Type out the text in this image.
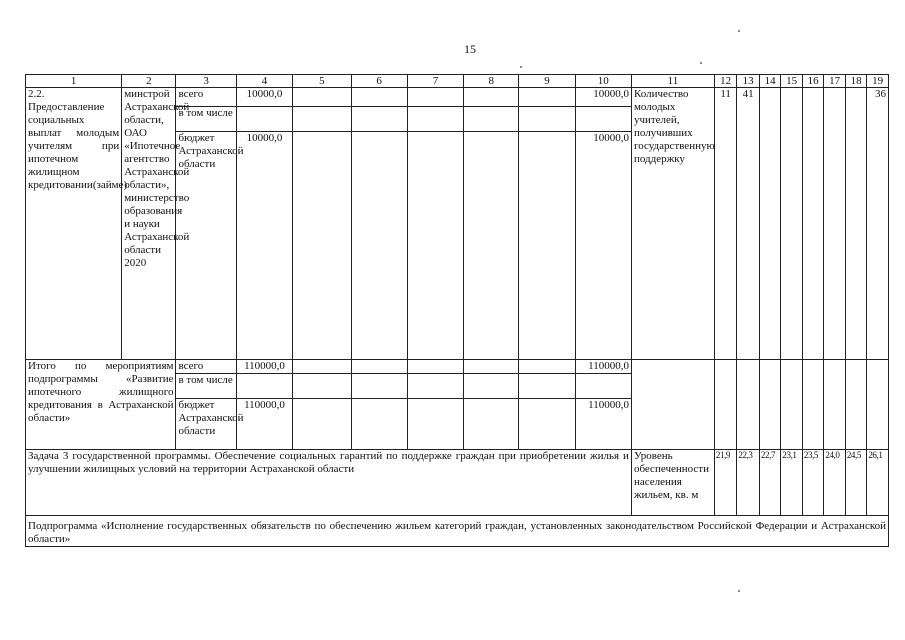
15
1	2	3	4	5	6	7	8	9	10	11	12	13	14	15	16	17	18	19
2.2. Предоставление социальных выплат молодым учителям при ипотечном жилищном кредитовании(займе)	минстрой Астраханской области, ОАО «Ипотечное агентство Астраханской области», министерство образования и науки Астраханской области 2020	всего	10000,0						10000,0	Количество молодых учителей, получивших государственную поддержку	11	41						36
		в том числе																
		бюджет Астраханской области	10000,0						10000,0									
Итого по мероприятиям подпрограммы «Развитие ипотечного жилищного кредитования в Астраханской области»		всего	110000,0						110000,0									
		в том числе																
		бюджет Астраханской области	110000,0						110000,0									
Задача 3 государственной программы. Обеспечение социальных гарантий по поддержке граждан при приобретении жилья и улучшении жилищных условий на территории Астраханской области										Уровень обеспеченности населения жильем, кв. м	21,9	22,3	22,7	23,1	23,5	24,0	24,5	26,1
Подпрограмма «Исполнение государственных обязательств по обеспечению жильем категорий граждан, установленных законодательством Российской Федерации и Астраханской области»																		
